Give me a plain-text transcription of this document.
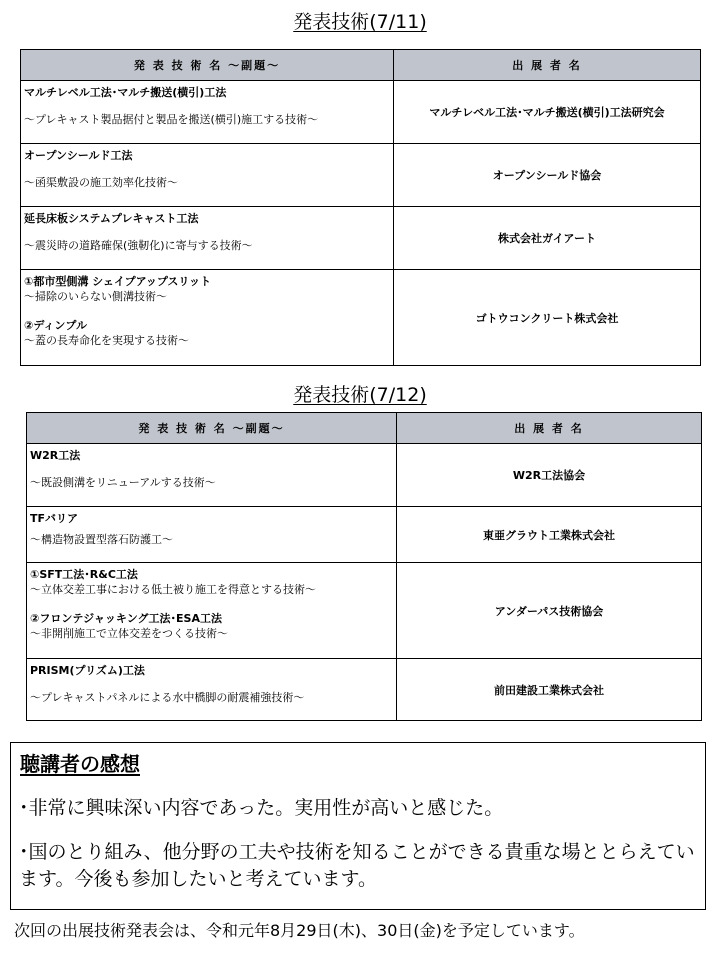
発表技術(7/11)
発 表 技 術 名 ～副題～	出 展 者 名

マルチレベル工法･マルチ搬送(横引)工法
～プレキャスト製品据付と製品を搬送(横引)施工する技術～	マルチレベル工法･マルチ搬送(横引)工法研究会

オープンシールド工法
～函渠敷設の施工効率化技術～	オープンシールド協会

延長床板システムプレキャスト工法
～震災時の道路確保(強靭化)に寄与する技術～	株式会社ガイアート

①都市型側溝 シェイプアップスリット
～掃除のいらない側溝技術～
②ディンプル
～蓋の長寿命化を実現する技術～	ゴトウコンクリート株式会社
発表技術(7/12)
発 表 技 術 名 ～副題～	出 展 者 名

W2R工法
～既設側溝をリニューアルする技術～	W2R工法協会

TFバリア
～構造物設置型落石防護工～	東亜グラウト工業株式会社

①SFT工法･R&C工法
～立体交差工事における低土被り施工を得意とする技術～
②フロンテジャッキング工法･ESA工法
～非開削施工で立体交差をつくる技術～	アンダーパス技術協会

PRISM(プリズム)工法
～プレキャストパネルによる水中橋脚の耐震補強技術～	前田建設工業株式会社
聴講者の感想
･非常に興味深い内容であった。実用性が高いと感じた。
･国のとり組み、他分野の工夫や技術を知ることができる貴重な場ととらえています。今後も参加したいと考えています。
次回の出展技術発表会は、令和元年8月29日(木)、30日(金)を予定しています。
